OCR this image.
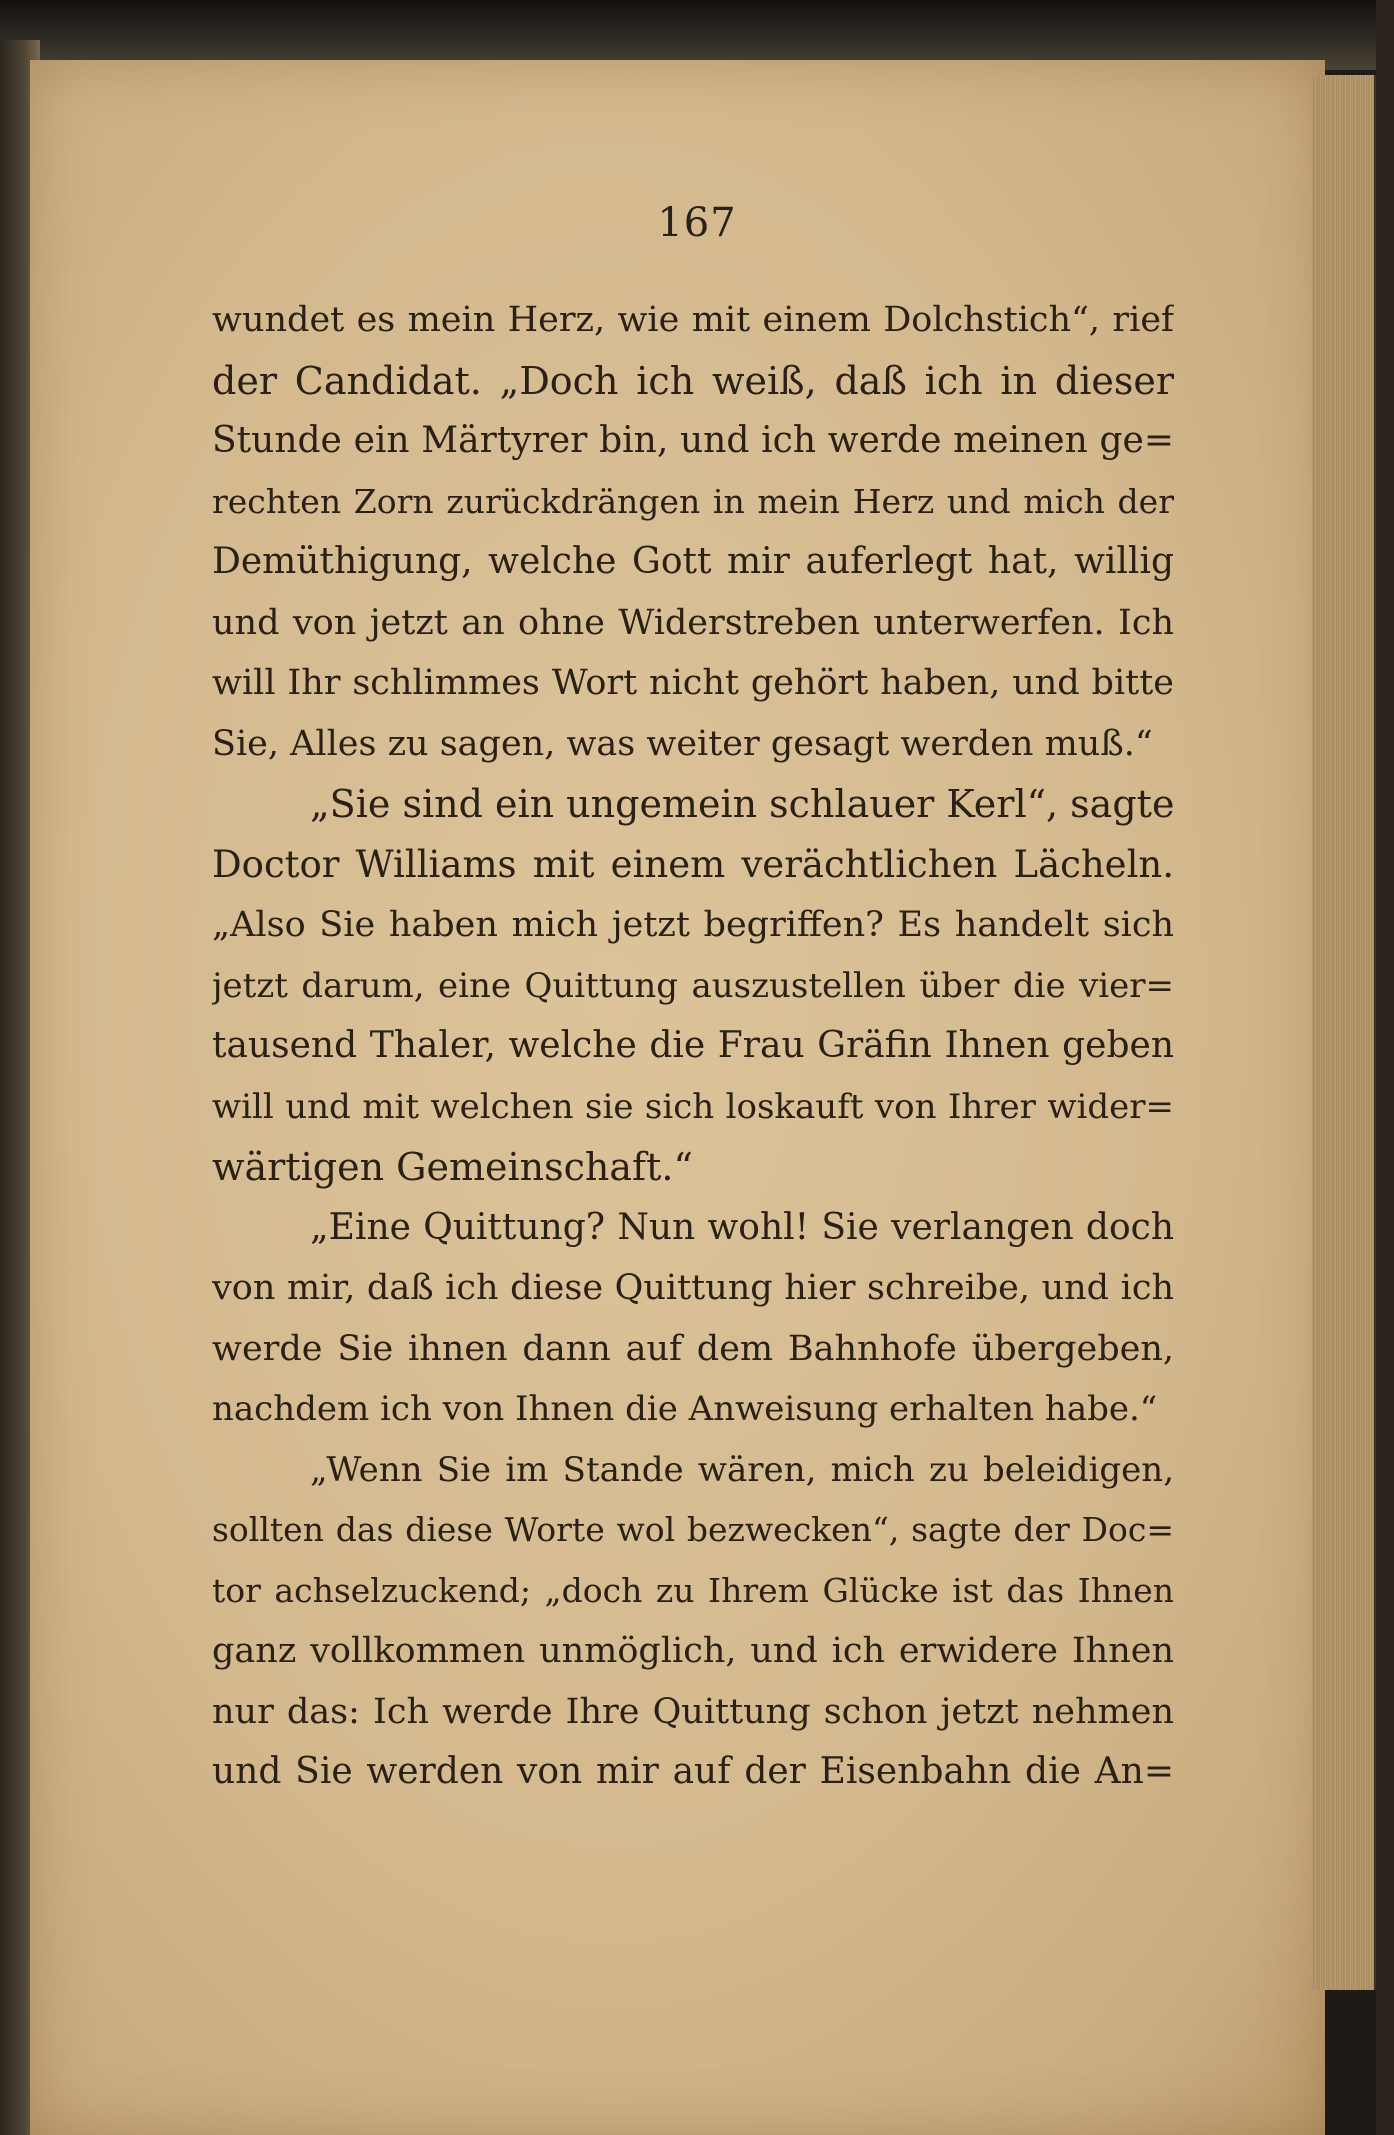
167
wundet es mein Herz, wie mit einem Dolchstich“, rief
der Candidat. „Doch ich weiß, daß ich in dieser
Stunde ein Märtyrer bin, und ich werde meinen ge=
rechten Zorn zurückdrängen in mein Herz und mich der
Demüthigung, welche Gott mir auferlegt hat, willig
und von jetzt an ohne Widerstreben unterwerfen. Ich
will Ihr schlimmes Wort nicht gehört haben, und bitte
Sie, Alles zu sagen, was weiter gesagt werden muß.“
„Sie sind ein ungemein schlauer Kerl“, sagte
Doctor Williams mit einem verächtlichen Lächeln.
„Also Sie haben mich jetzt begriffen? Es handelt sich
jetzt darum, eine Quittung auszustellen über die vier=
tausend Thaler, welche die Frau Gräfin Ihnen geben
will und mit welchen sie sich loskauft von Ihrer wider=
wärtigen Gemeinschaft.“
„Eine Quittung? Nun wohl! Sie verlangen doch
von mir, daß ich diese Quittung hier schreibe, und ich
werde Sie ihnen dann auf dem Bahnhofe übergeben,
nachdem ich von Ihnen die Anweisung erhalten habe.“
„Wenn Sie im Stande wären, mich zu beleidigen,
sollten das diese Worte wol bezwecken“, sagte der Doc=
tor achselzuckend; „doch zu Ihrem Glücke ist das Ihnen
ganz vollkommen unmöglich, und ich erwidere Ihnen
nur das: Ich werde Ihre Quittung schon jetzt nehmen
und Sie werden von mir auf der Eisenbahn die An=
